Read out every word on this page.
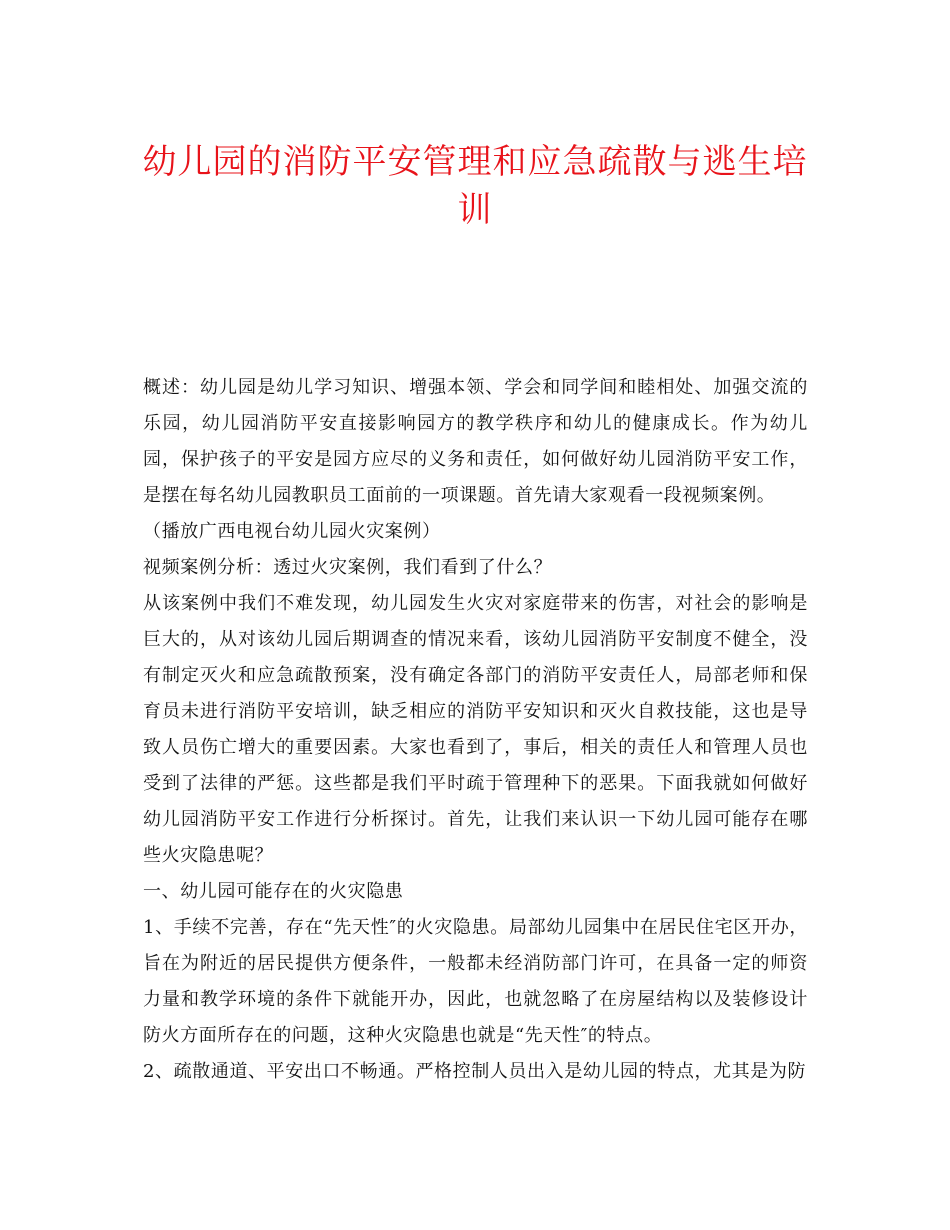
幼儿园的消防平安管理和应急疏散与逃生培训

概述：幼儿园是幼儿学习知识、增强本领、学会和同学间和睦相处、加强交流的乐园，幼儿园消防平安直接影响园方的教学秩序和幼儿的健康成长。作为幼儿园，保护孩子的平安是园方应尽的义务和责任，如何做好幼儿园消防平安工作，是摆在每名幼儿园教职员工面前的一项课题。首先请大家观看一段视频案例。

（播放广西电视台幼儿园火灾案例）

视频案例分析：透过火灾案例，我们看到了什么？

从该案例中我们不难发现，幼儿园发生火灾对家庭带来的伤害，对社会的影响是巨大的，从对该幼儿园后期调查的情况来看，该幼儿园消防平安制度不健全，没有制定灭火和应急疏散预案，没有确定各部门的消防平安责任人，局部老师和保育员未进行消防平安培训，缺乏相应的消防平安知识和灭火自救技能，这也是导致人员伤亡增大的重要因素。大家也看到了，事后，相关的责任人和管理人员也受到了法律的严惩。这些都是我们平时疏于管理种下的恶果。下面我就如何做好幼儿园消防平安工作进行分析探讨。首先，让我们来认识一下幼儿园可能存在哪些火灾隐患呢？

一、幼儿园可能存在的火灾隐患

1、手续不完善，存在“先天性″的火灾隐患。局部幼儿园集中在居民住宅区开办，旨在为附近的居民提供方便条件，一般都未经消防部门许可，在具备一定的师资力量和教学环境的条件下就能开办，因此，也就忽略了在房屋结构以及装修设计防火方面所存在的问题，这种火灾隐患也就是“先天性″的特点。

2、疏散通道、平安出口不畅通。严格控制人员出入是幼儿园的特点，尤其是为防
